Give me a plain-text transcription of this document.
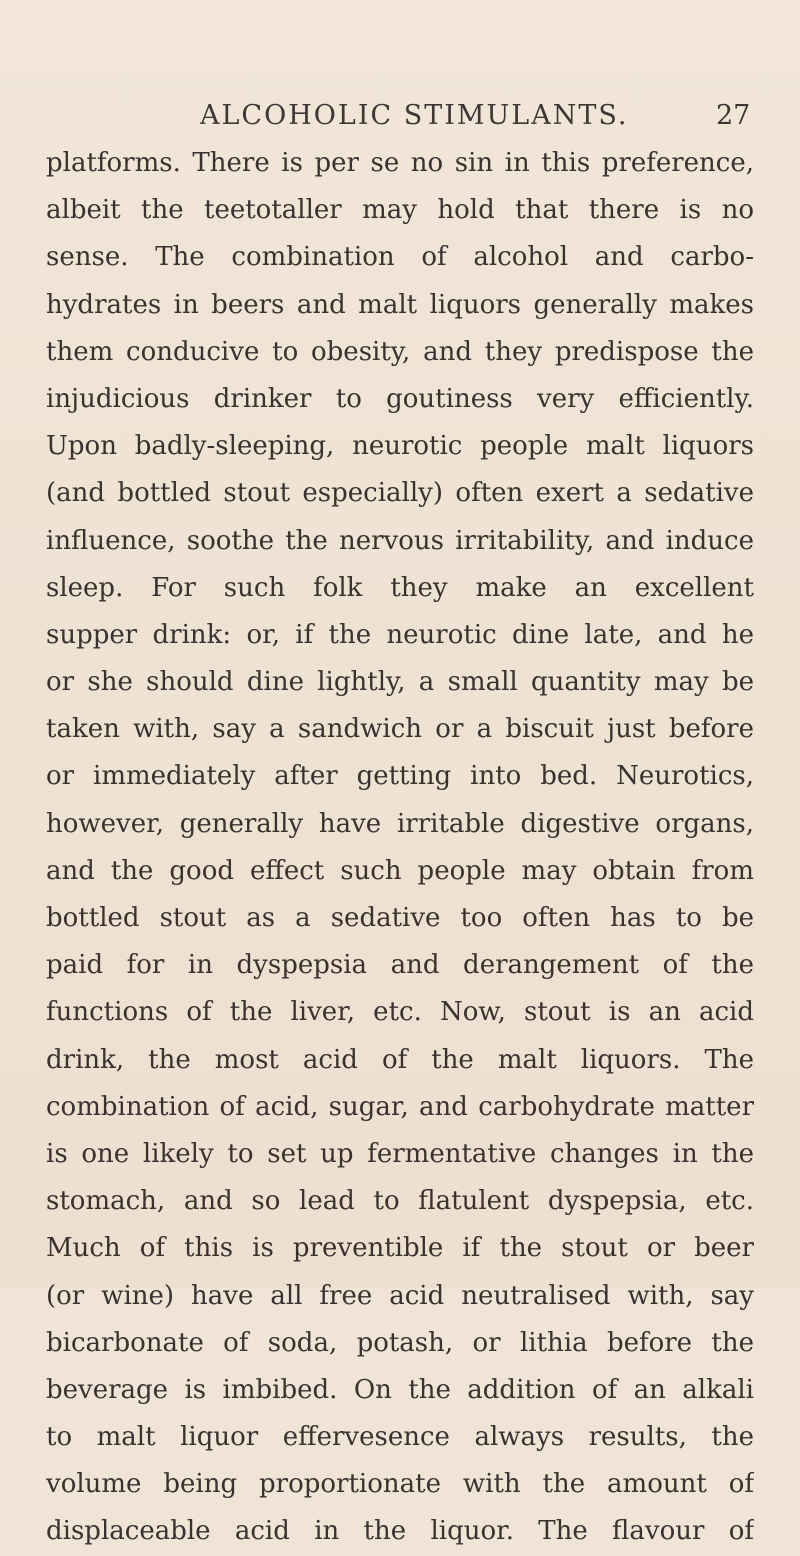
ALCOHOLIC STIMULANTS.	27
platforms. There is per se no sin in this preference,
albeit the teetotaller may hold that there is no
sense. The combination of alcohol and carbo-
hydrates in beers and malt liquors generally makes
them conducive to obesity, and they predispose the
injudicious drinker to goutiness very efficiently.
Upon badly-sleeping, neurotic people malt liquors
(and bottled stout especially) often exert a sedative
influence, soothe the nervous irritability, and induce
sleep. For such folk they make an excellent
supper drink: or, if the neurotic dine late, and he
or she should dine lightly, a small quantity may be
taken with, say a sandwich or a biscuit just before
or immediately after getting into bed. Neurotics,
however, generally have irritable digestive organs,
and the good effect such people may obtain from
bottled stout as a sedative too often has to be
paid for in dyspepsia and derangement of the
functions of the liver, etc. Now, stout is an acid
drink, the most acid of the malt liquors. The
combination of acid, sugar, and carbohydrate matter
is one likely to set up fermentative changes in the
stomach, and so lead to flatulent dyspepsia, etc.
Much of this is preventible if the stout or beer
(or wine) have all free acid neutralised with, say
bicarbonate of soda, potash, or lithia before the
beverage is imbibed. On the addition of an alkali
to malt liquor effervesence always results, the
volume being proportionate with the amount of
displaceable acid in the liquor. The flavour of
